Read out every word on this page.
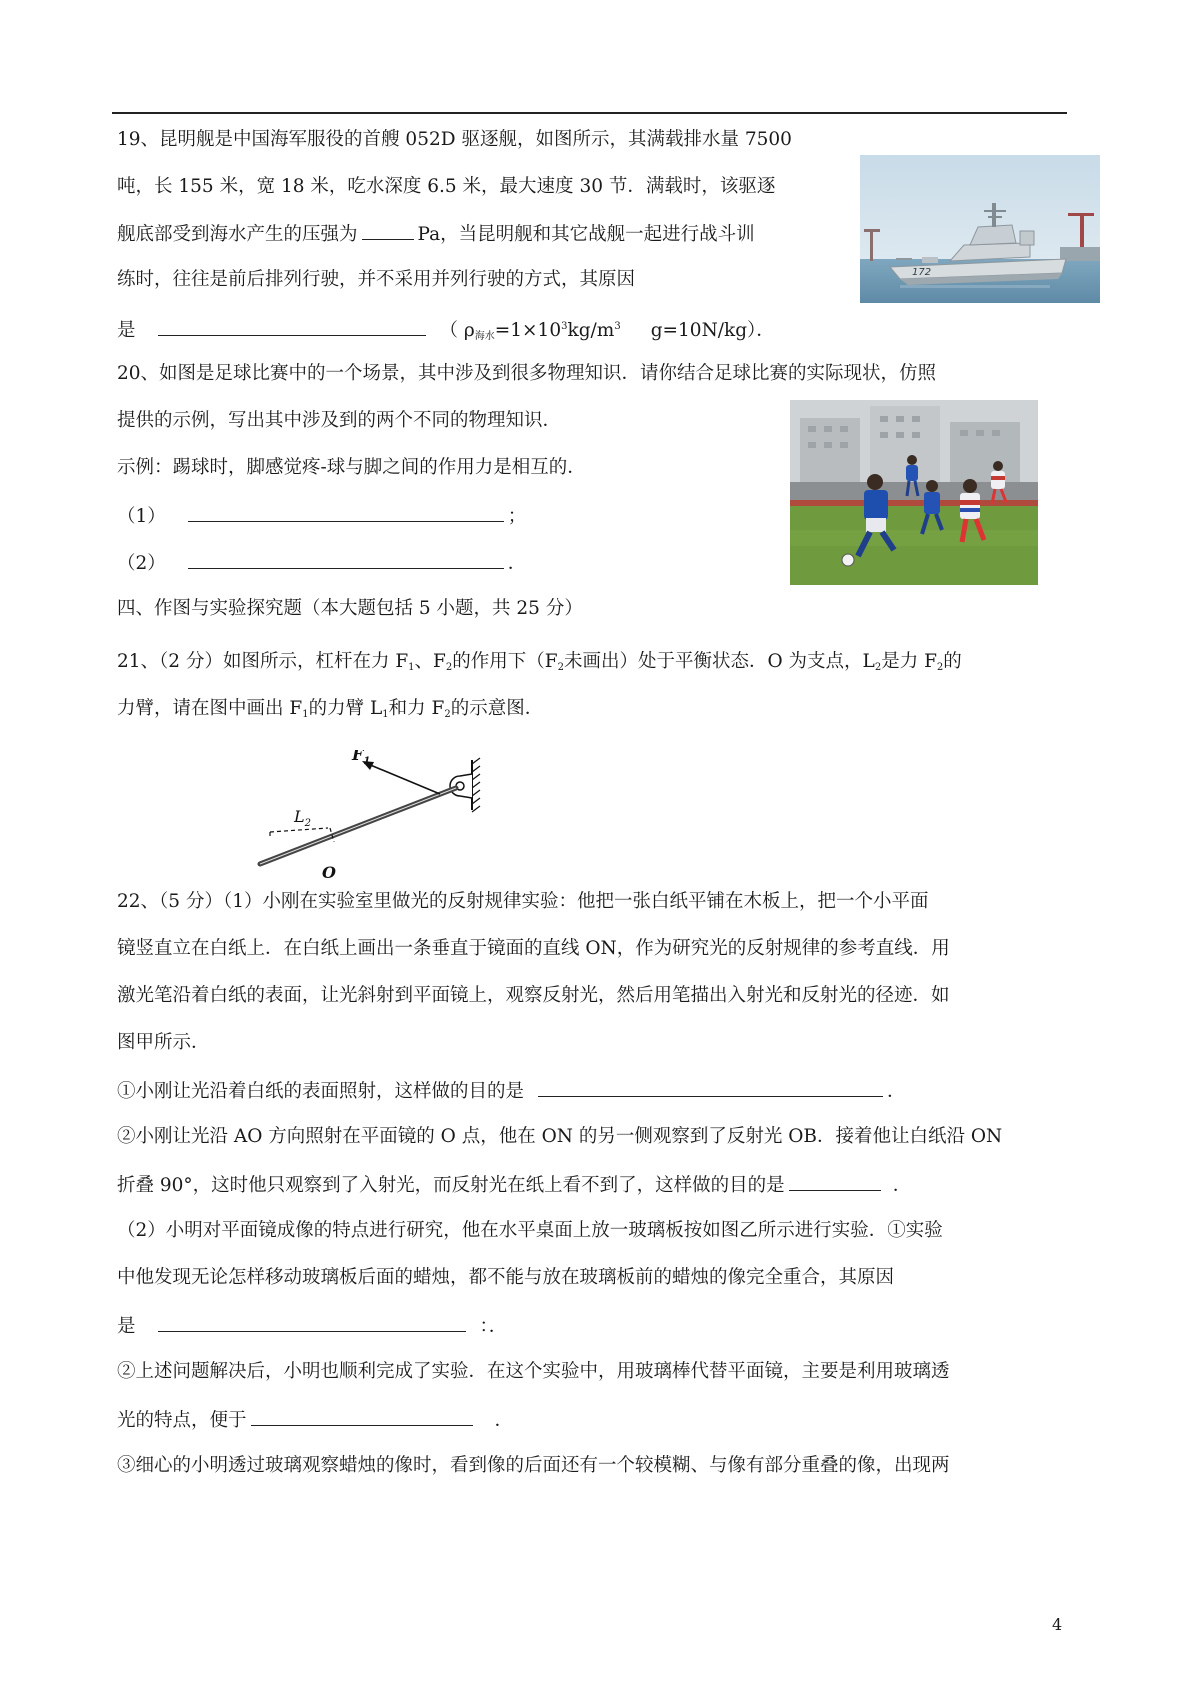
19、昆明舰是中国海军服役的首艘 052D 驱逐舰，如图所示，其满载排水量 7500
吨，长 155 米，宽 18 米，吃水深度 6.5 米，最大速度 30 节．满载时，该驱逐
舰底部受到海水产生的压强为	Pa，当昆明舰和其它战舰一起进行战斗训
练时，往往是前后排列行驶，并不采用并列行驶的方式，其原因
是	（ $\rho_{海水}=1\times 10^3kg/m^3$ g=10N/kg）．
172
20、如图是足球比赛中的一个场景，其中涉及到很多物理知识．请你结合足球比赛的实际现状，仿照
提供的示例，写出其中涉及到的两个不同的物理知识．
示例：踢球时，脚感觉疼-球与脚之间的作用力是相互的．
（1）	；
（2）	．
四、作图与实验探究题（本大题包括 5 小题，共 25 分）
21、（2 分）如图所示，杠杆在力 $F_1$、$F_2$的作用下（$F_2$未画出）处于平衡状态．O 为支点，$L_2$是力 $F_2$的
力臂，请在图中画出 $F_1$的力臂 $L_1$和力 $F_2$的示意图．
$F_1$
$L_2$
O
22、（5 分）（1）小刚在实验室里做光的反射规律实验：他把一张白纸平铺在木板上，把一个小平面
镜竖直立在白纸上．在白纸上画出一条垂直于镜面的直线 ON，作为研究光的反射规律的参考直线．用
激光笔沿着白纸的表面，让光斜射到平面镜上，观察反射光，然后用笔描出入射光和反射光的径迹．如
图甲所示．
①小刚让光沿着白纸的表面照射，这样做的目的是	．
②小刚让光沿 AO 方向照射在平面镜的 O 点，他在 ON 的另一侧观察到了反射光 OB．接着他让白纸沿 ON
折叠 90°，这时他只观察到了入射光，而反射光在纸上看不到了，这样做的目的是	．
（2）小明对平面镜成像的特点进行研究，他在水平桌面上放一玻璃板按如图乙所示进行实验．①实验
中他发现无论怎样移动玻璃板后面的蜡烛，都不能与放在玻璃板前的蜡烛的像完全重合，其原因
是	：．
②上述问题解决后，小明也顺利完成了实验．在这个实验中，用玻璃棒代替平面镜，主要是利用玻璃透
光的特点，便于	．
③细心的小明透过玻璃观察蜡烛的像时，看到像的后面还有一个较模糊、与像有部分重叠的像，出现两
4
